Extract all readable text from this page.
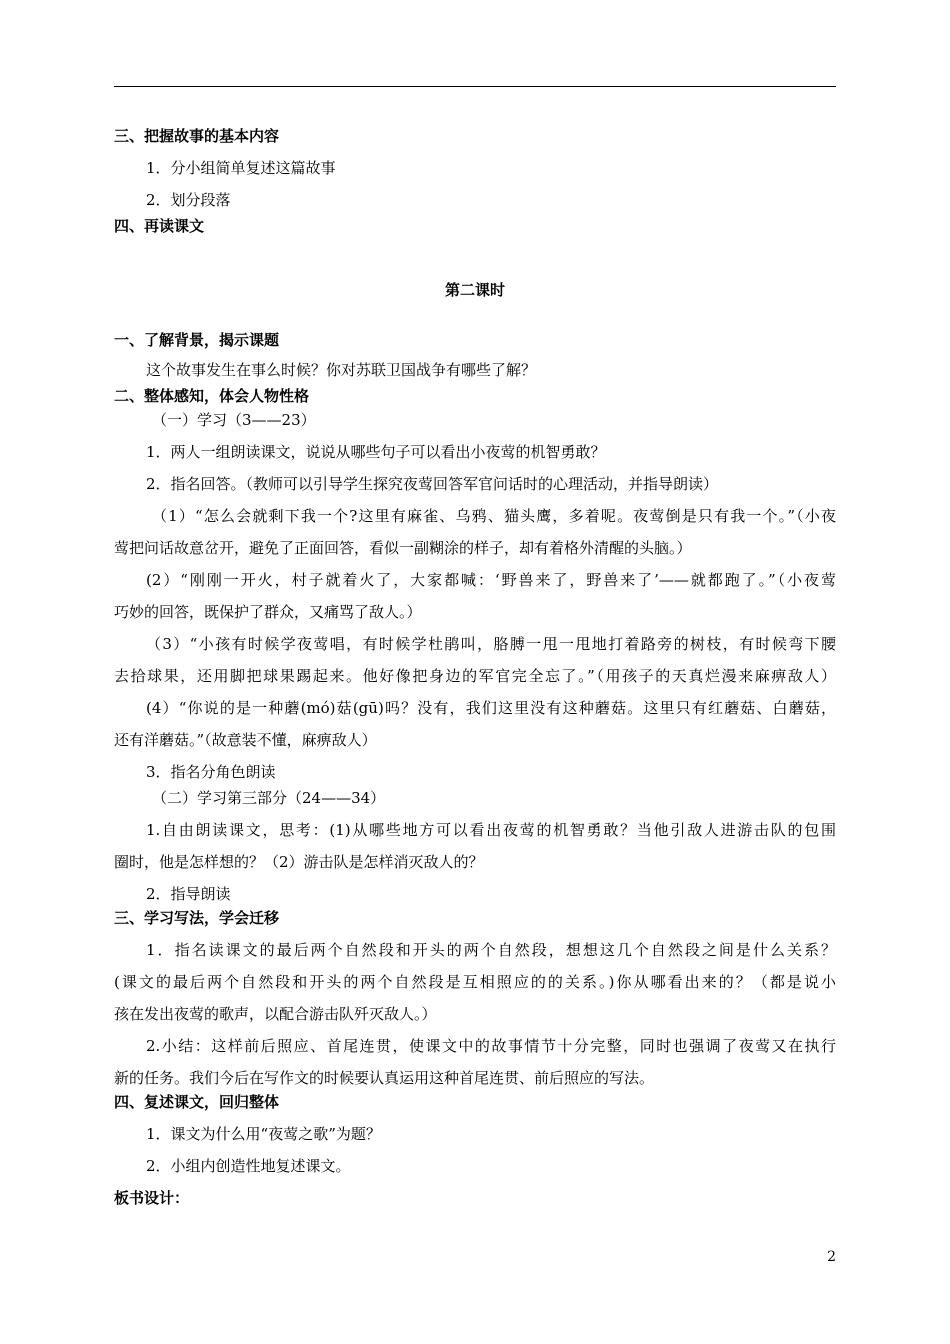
三、把握故事的基本内容
1．分小组简单复述这篇故事
2．划分段落
四、再读课文
第二课时
一、了解背景，揭示课题
这个故事发生在事么时候？你对苏联卫国战争有哪些了解？
二、整体感知，体会人物性格
（一）学习（3——23）
1．两人一组朗读课文，说说从哪些句子可以看出小夜莺的机智勇敢？
2．指名回答。（教师可以引导学生探究夜莺回答军官问话时的心理活动，并指导朗读）
（1）“怎么会就剩下我一个?这里有麻雀、乌鸦、猫头鹰，多着呢。夜莺倒是只有我一个。”（小夜
莺把问话故意岔开，避免了正面回答，看似一副糊涂的样子，却有着格外清醒的头脑。）
(2）“刚刚一开火，村子就着火了，大家都喊：‘野兽来了，野兽来了’——就都跑了。”（小夜莺
巧妙的回答，既保护了群众，又痛骂了敌人。）
（3）“小孩有时候学夜莺唱，有时候学杜鹃叫，胳膊一甩一甩地打着路旁的树枝，有时候弯下腰
去拾球果，还用脚把球果踢起来。他好像把身边的军官完全忘了。”（用孩子的天真烂漫来麻痹敌人）
(4）“你说的是一种蘑(mó)菇(gū)吗？没有，我们这里没有这种蘑菇。这里只有红蘑菇、白蘑菇，
还有洋蘑菇。”（故意装不懂，麻痹敌人）
3．指名分角色朗读
（二）学习第三部分（24——34）
1.自由朗读课文，思考：(1)从哪些地方可以看出夜莺的机智勇敢？当他引敌人进游击队的包围
圈时，他是怎样想的？（2）游击队是怎样消灭敌人的？
2．指导朗读
三、学习写法，学会迁移
1．指名读课文的最后两个自然段和开头的两个自然段，想想这几个自然段之间是什么关系？
(课文的最后两个自然段和开头的两个自然段是互相照应的的关系。)你从哪看出来的？（都是说小
孩在发出夜莺的歌声，以配合游击队歼灭敌人。）
2.小结：这样前后照应、首尾连贯，使课文中的故事情节十分完整，同时也强调了夜莺又在执行
新的任务。我们今后在写作文的时候要认真运用这种首尾连贯、前后照应的写法。
四、复述课文，回归整体
1．课文为什么用“夜莺之歌”为题？
2．小组内创造性地复述课文。
板书设计：
2
